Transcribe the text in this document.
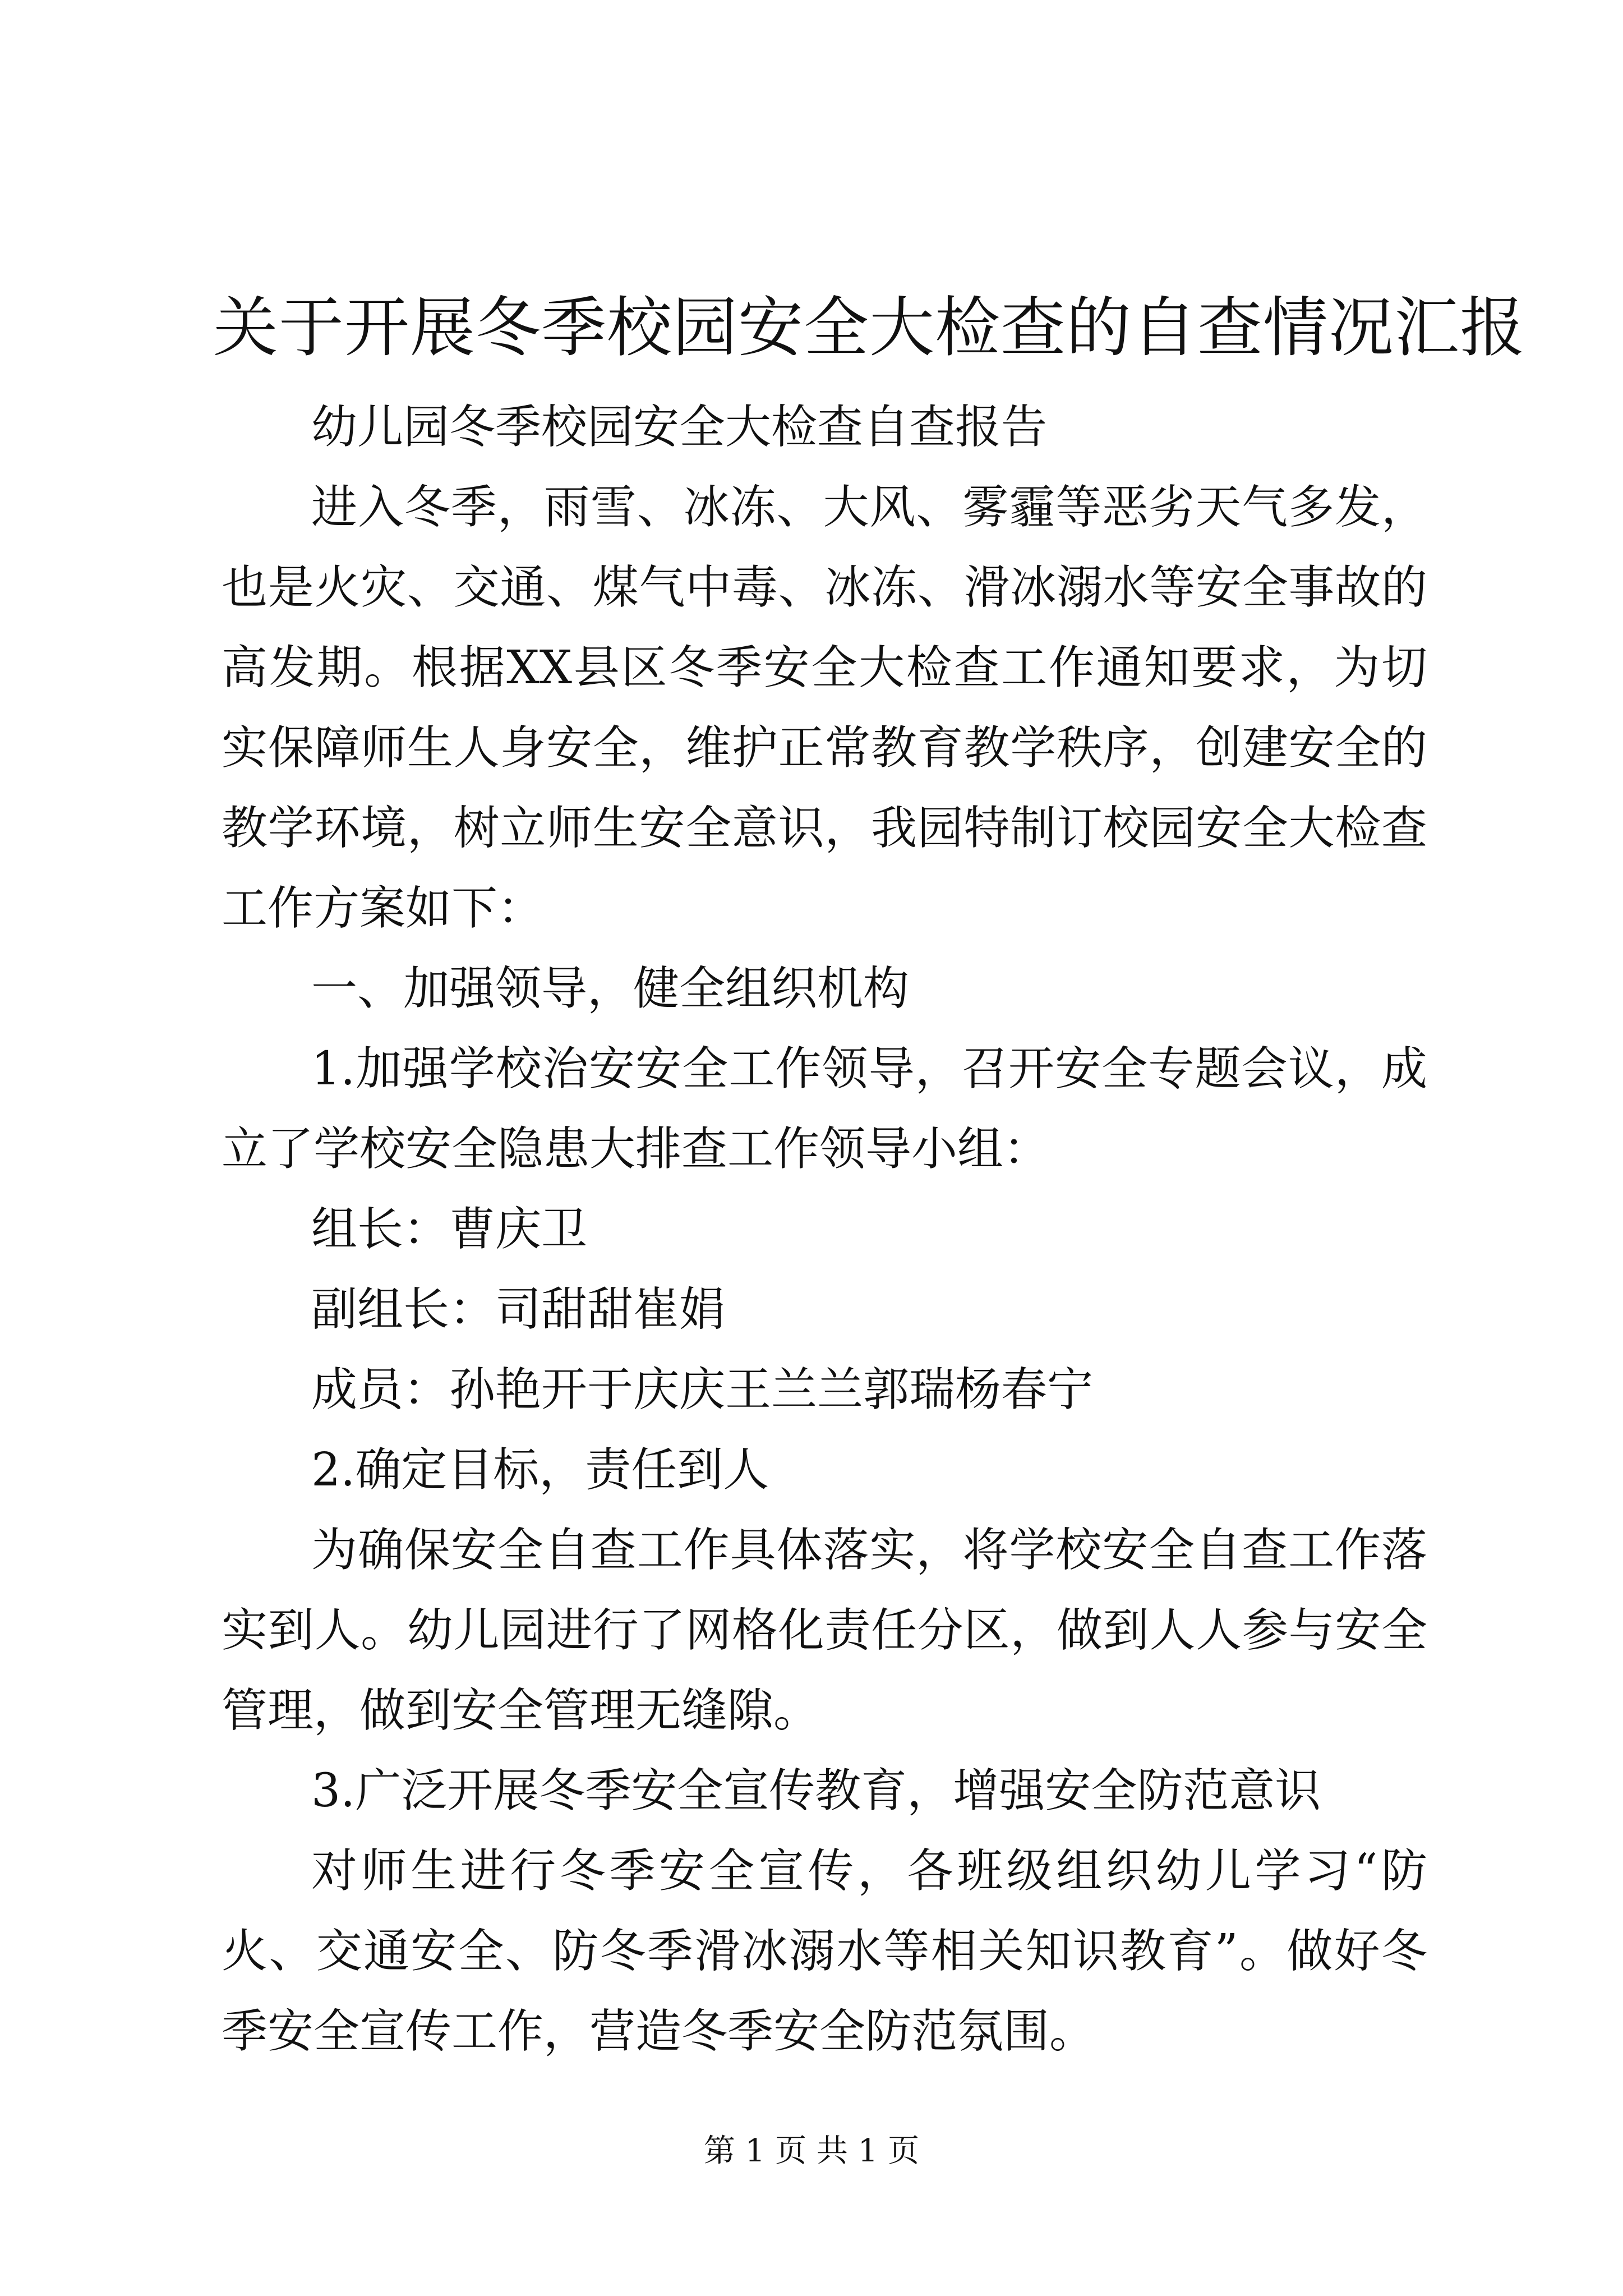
关于开展冬季校园安全大检查的自查情况汇报

幼儿园冬季校园安全大检查自查报告

进入冬季，雨雪、冰冻、大风、雾霾等恶劣天气多发，也是火灾、交通、煤气中毒、冰冻、滑冰溺水等安全事故的高发期。根据XX县区冬季安全大检查工作通知要求，为切实保障师生人身安全，维护正常教育教学秩序，创建安全的教学环境，树立师生安全意识，我园特制订校园安全大检查工作方案如下：

一、加强领导，健全组织机构

1.加强学校治安安全工作领导，召开安全专题会议，成立了学校安全隐患大排查工作领导小组：

组长：曹庆卫

副组长：司甜甜崔娟

成员：孙艳开于庆庆王兰兰郭瑞杨春宁

2.确定目标，责任到人

为确保安全自查工作具体落实，将学校安全自查工作落实到人。幼儿园进行了网格化责任分区，做到人人参与安全管理，做到安全管理无缝隙。

3.广泛开展冬季安全宣传教育，增强安全防范意识

对师生进行冬季安全宣传，各班级组织幼儿学习“防火、交通安全、防冬季滑冰溺水等相关知识教育”。做好冬季安全宣传工作，营造冬季安全防范氛围。

第 1 页 共 1 页
